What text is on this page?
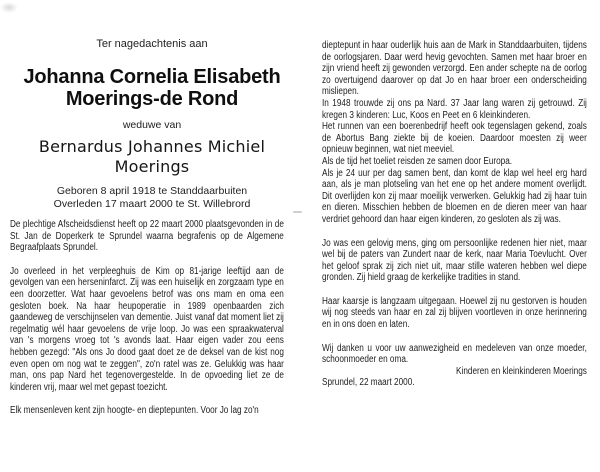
Ter nagedachtenis aan
Johanna Cornelia Elisabeth
Moerings-de Rond
weduwe van
Bernardus Johannes Michiel
Moerings
Geboren 8 april 1918 te Standdaarbuiten
Overleden 17 maart 2000 te St. Willebrord

De plechtige Afscheidsdienst heeft op 22 maart 2000 plaatsgevonden in de St. Jan de Doperkerk te Sprundel waarna begrafenis op de Algemene Begraafplaats Sprundel.

Jo overleed in het verpleeghuis de Kim op 81-jarige leeftijd aan de gevolgen van een herseninfarct. Zij was een huiselijk en zorgzaam type en een doorzetter. Wat haar gevoelens betrof was ons mam en oma een gesloten boek. Na haar heupoperatie in 1989 openbaarden zich gaandeweg de verschijnselen van dementie. Juist vanaf dat moment liet zij regelmatig wél haar gevoelens de vrije loop. Jo was een spraakwaterval van 's morgens vroeg tot 's avonds laat. Haar eigen vader zou eens hebben gezegd: "Als ons Jo dood gaat doet ze de deksel van de kist nog even open om nog wat te zeggen", zo'n ratel was ze. Gelukkig was haar man, ons pap Nard het tegenovergestelde. In de opvoeding liet ze de kinderen vrij, maar wel met gepast toezicht.

Elk mensenleven kent zijn hoogte- en dieptepunten. Voor Jo lag zo'n

dieptepunt in haar ouderlijk huis aan de Mark in Standdaarbuiten, tijdens de oorlogsjaren. Daar werd hevig gevochten. Samen met haar broer en zijn vriend heeft zij gewonden verzorgd. Een ander schepte na de oorlog zo overtuigend daarover op dat Jo en haar broer een onderscheiding misliepen.

In 1948 trouwde zij ons pa Nard. 37 Jaar lang waren zij getrouwd. Zij kregen 3 kinderen: Luc, Koos en Peet en 6 kleinkinderen.

Het runnen van een boerenbedrijf heeft ook tegenslagen gekend, zoals de Abortus Bang ziekte bij de koeien. Daardoor moesten zij weer opnieuw beginnen, wat niet meeviel.

Als de tijd het toeliet reisden ze samen door Europa.

Als je 24 uur per dag samen bent, dan komt de klap wel heel erg hard aan, als je man plotseling van het ene op het andere moment overlijdt. Dit overlijden kon zij maar moeilijk verwerken. Gelukkig had zij haar tuin en dieren. Misschien hebben de bloemen en de dieren meer van haar verdriet gehoord dan haar eigen kinderen, zo gesloten als zij was.

Jo was een gelovig mens, ging om persoonlijke redenen hier niet, maar wel bij de paters van Zundert naar de kerk, naar Maria Toevlucht. Over het geloof sprak zij zich niet uit, maar stille wateren hebben wel diepe gronden. Zij hield graag de kerkelijke tradities in stand.

Haar kaarsje is langzaam uitgegaan. Hoewel zij nu gestorven is houden wij nog steeds van haar en zal zij blijven voortleven in onze herinnering en in ons doen en laten.

Wij danken u voor uw aanwezigheid en medeleven van onze moeder, schoonmoeder en oma.

Kinderen en kleinkinderen Moerings

Sprundel, 22 maart 2000.
